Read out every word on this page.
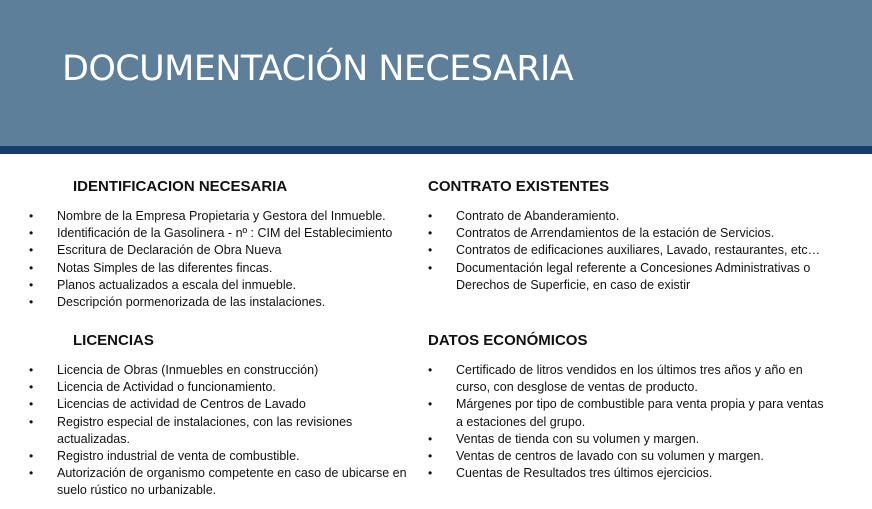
DOCUMENTACIÓN NECESARIA
IDENTIFICACION NECESARIA
• Nombre de la Empresa Propietaria y Gestora del Inmueble.
• Identificación de la Gasolinera - nº : CIM del Establecimiento
• Escritura de Declaración de Obra Nueva
• Notas Simples de las diferentes fincas.
• Planos actualizados a escala del inmueble.
• Descripción pormenorizada de las instalaciones.
LICENCIAS
• Licencia de Obras (Inmuebles en construcción)
• Licencia de Actividad o funcionamiento.
• Licencias de actividad de Centros de Lavado
• Registro especial de instalaciones, con las revisiones actualizadas.
• Registro industrial de venta de combustible.
• Autorización de organismo competente en caso de ubicarse en suelo rústico no urbanizable.
CONTRATO EXISTENTES
• Contrato de Abanderamiento.
• Contratos de Arrendamientos de la estación de Servicios.
• Contratos de edificaciones auxiliares, Lavado, restaurantes, etc…
• Documentación legal referente a Concesiones Administrativas o Derechos de Superficie, en caso de existir
DATOS ECONÓMICOS
• Certificado de litros vendidos en los últimos tres años y año en curso, con desglose de ventas de producto.
• Márgenes por tipo de combustible para venta propia y para ventas a estaciones del grupo.
• Ventas de tienda con su volumen y margen.
• Ventas de centros de lavado con su volumen y margen.
• Cuentas de Resultados tres últimos ejercicios.
